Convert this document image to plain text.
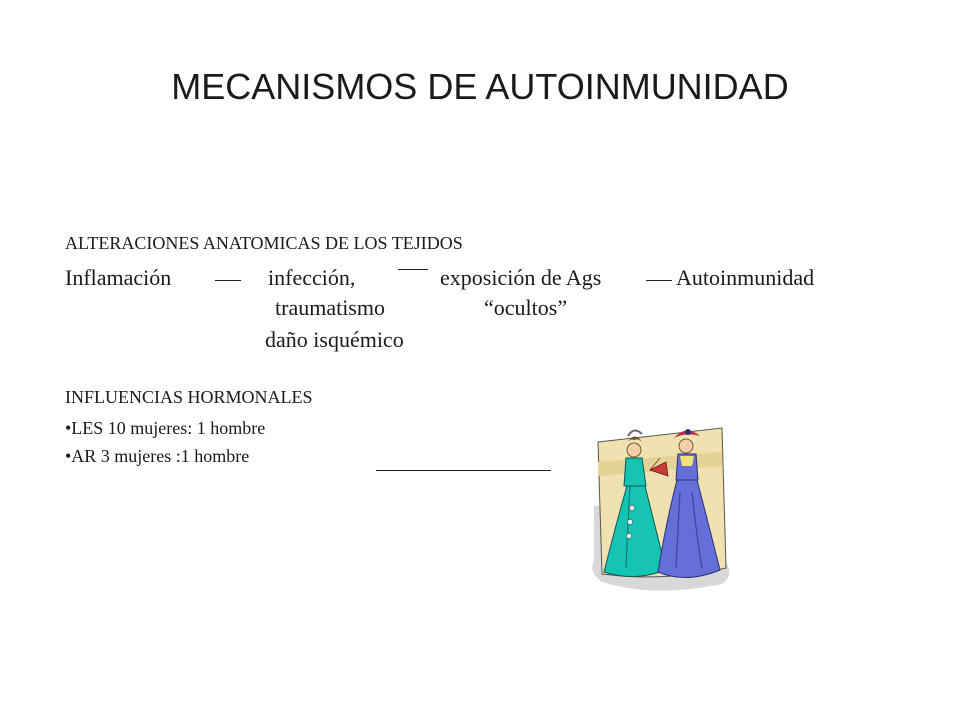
MECANISMOS DE AUTOINMUNIDAD
ALTERACIONES ANATOMICAS DE LOS TEJIDOS
Inflamación	infección,	exposición de Ags	Autoinmunidad
traumatismo	“ocultos”
daño isquémico
INFLUENCIAS HORMONALES
•LES 10 mujeres: 1 hombre
•AR 3 mujeres :1 hombre
